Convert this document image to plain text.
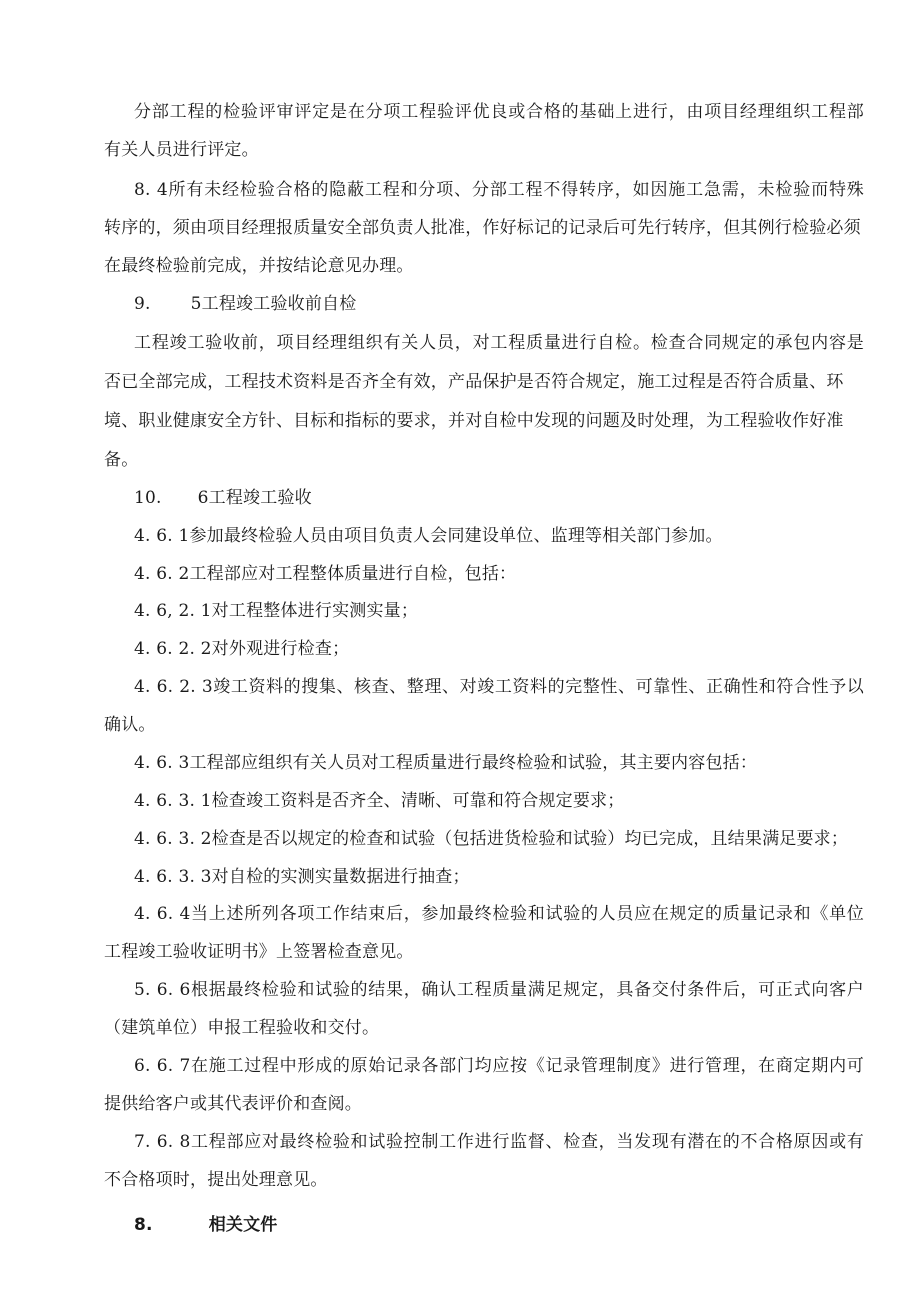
分部工程的检验评审评定是在分项工程验评优良或合格的基础上进行，由项目经理组织工程部

有关人员进行评定。

8. 4所有未经检验合格的隐蔽工程和分项、分部工程不得转序，如因施工急需，未检验而特殊

转序的，须由项目经理报质量安全部负责人批准，作好标记的记录后可先行转序，但其例行检验必须

在最终检验前完成，并按结论意见办理。

9. 5工程竣工验收前自检

工程竣工验收前，项目经理组织有关人员，对工程质量进行自检。检查合同规定的承包内容是

否已全部完成，工程技术资料是否齐全有效，产品保护是否符合规定，施工过程是否符合质量、环

境、职业健康安全方针、目标和指标的要求，并对自检中发现的问题及时处理，为工程验收作好准

备。

10. 6工程竣工验收

4. 6. 1参加最终检验人员由项目负责人会同建设单位、监理等相关部门参加。

4. 6. 2工程部应对工程整体质量进行自检，包括：

4. 6, 2. 1对工程整体进行实测实量；

4. 6. 2. 2对外观进行检查；

4. 6. 2. 3竣工资料的搜集、核查、整理、对竣工资料的完整性、可靠性、正确性和符合性予以

确认。

4. 6. 3工程部应组织有关人员对工程质量进行最终检验和试验，其主要内容包括：

4. 6. 3. 1检查竣工资料是否齐全、清晰、可靠和符合规定要求；

4. 6. 3. 2检查是否以规定的检查和试验（包括进货检验和试验）均已完成，且结果满足要求；

4. 6. 3. 3对自检的实测实量数据进行抽查；

4. 6. 4当上述所列各项工作结束后，参加最终检验和试验的人员应在规定的质量记录和《单位

工程竣工验收证明书》上签署检查意见。

5. 6. 6根据最终检验和试验的结果，确认工程质量满足规定，具备交付条件后，可正式向客户

（建筑单位）申报工程验收和交付。

6. 6. 7在施工过程中形成的原始记录各部门均应按《记录管理制度》进行管理，在商定期内可

提供给客户或其代表评价和查阅。

7. 6. 8工程部应对最终检验和试验控制工作进行监督、检查，当发现有潜在的不合格原因或有

不合格项时，提出处理意见。

8.	相关文件
